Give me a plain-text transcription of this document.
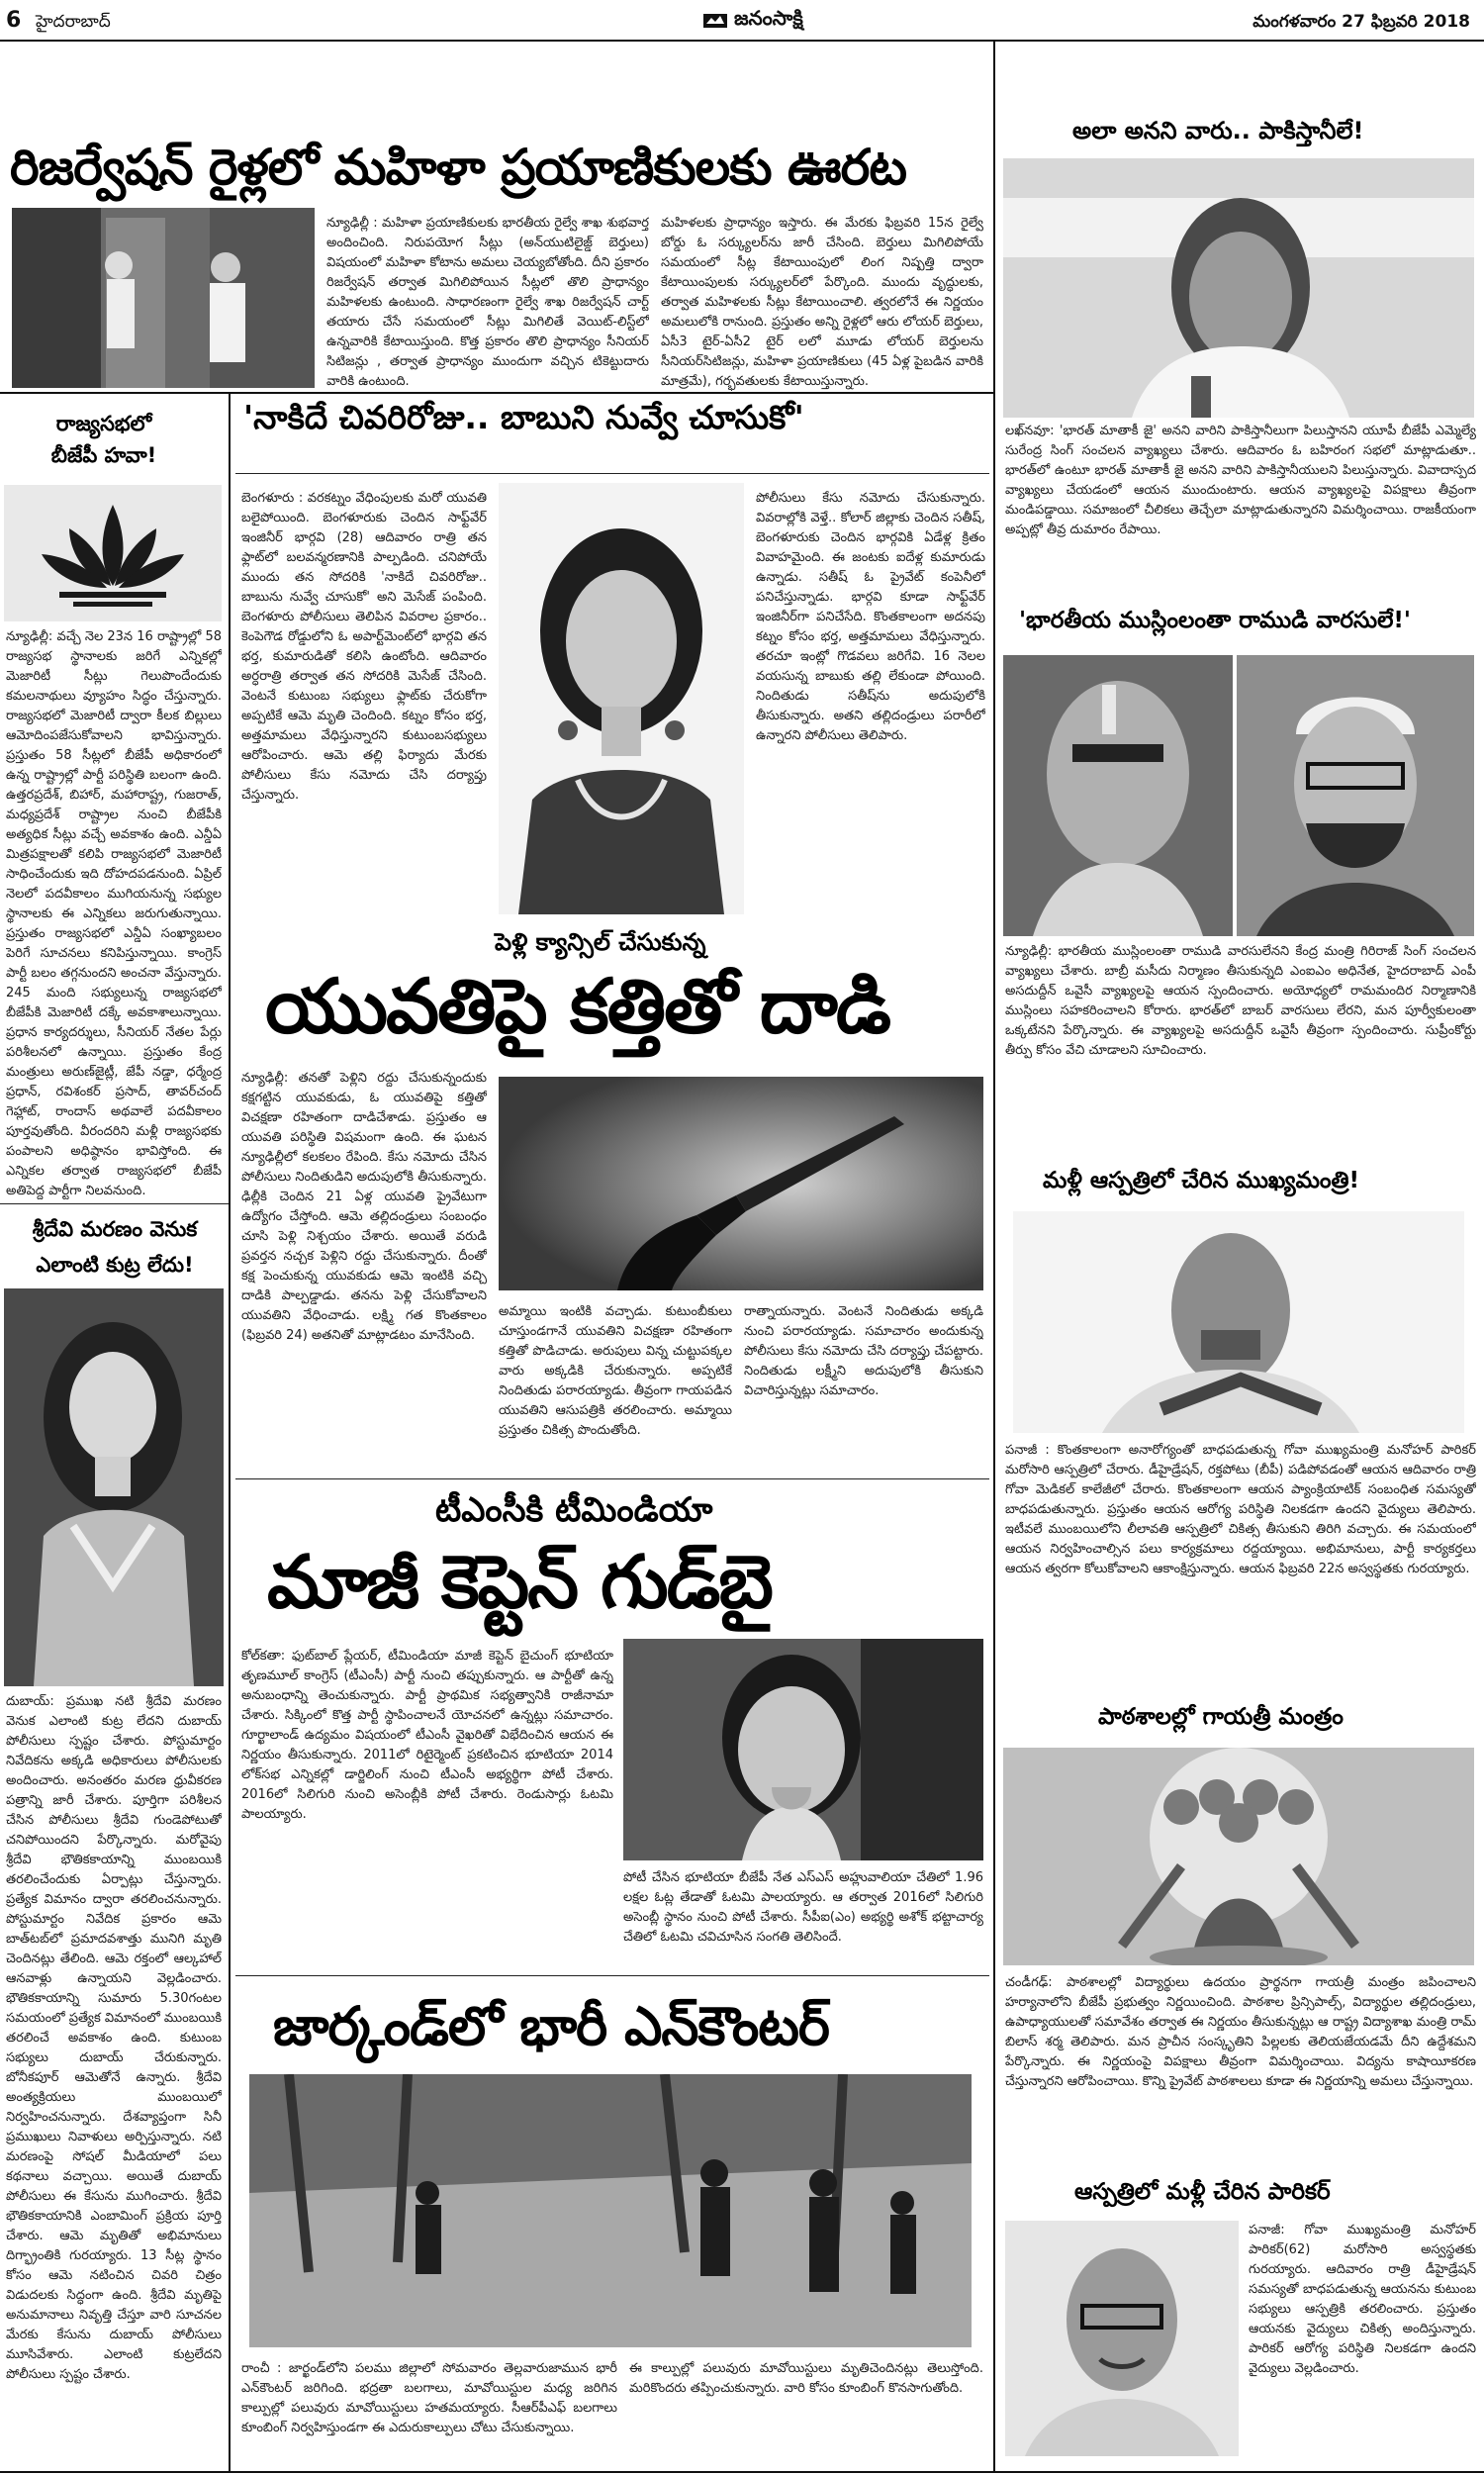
6 హైదరాబాద్	జనంసాక్షి	మంగళవారం 27 ఫిబ్రవరి 2018
రిజర్వేషన్ రైళ్లలో మహిళా ప్రయాణికులకు ఊరట
న్యూఢిల్లీ : మహిళా ప్రయాణికులకు భారతీయ రైల్వే శాఖ శుభవార్త అందించింది. నిరుపయోగ సీట్లు (అన్‌యుటిలైజ్డ్ బెర్తులు) విషయంలో మహిళా కోటాను అమలు చెయ్యబోతోంది. దీని ప్రకారం రిజర్వేషన్ తర్వాత మిగిలిపోయిన సీట్లలో తొలి ప్రాధాన్యం మహిళలకు ఉంటుంది. సాధారణంగా రైల్వే శాఖ రిజర్వేషన్ చార్ట్ తయారు చేసే సమయంలో సీట్లు మిగిలితే వెయిట్-లిస్ట్‌లో ఉన్నవారికి కేటాయిస్తుంది. కొత్త ప్రకారం తొలి ప్రాధాన్యం సీనియర్ సిటిజన్లు , తర్వాత ప్రాధాన్యం ముందుగా వచ్చిన టికెట్టుదారు వారికి ఉంటుంది.
మహిళలకు ప్రాధాన్యం ఇస్తారు. ఈ మేరకు ఫిబ్రవరి 15న రైల్వే బోర్డు ఓ సర్క్యులర్‌ను జారీ చేసింది. బెర్తులు మిగిలిపోయే సమయంలో సీట్ల కేటాయింపులో లింగ నిష్పత్తి ద్వారా కేటాయింపులకు సర్క్యులర్‌లో పేర్కొంది. ముందు వృద్ధులకు, తర్వాత మహిళలకు సీట్లు కేటాయించాలి. త్వరలోనే ఈ నిర్ణయం అమలులోకి రానుంది. ప్రస్తుతం అన్ని రైళ్లలో ఆరు లోయర్ బెర్తులు, ఏసీ3 టైర్-ఏసీ2 టైర్ లలో మూడు లోయర్ బెర్తులను సీనియర్‌సిటిజన్లు, మహిళా ప్రయాణికులు (45 ఏళ్ల పైబడిన వారికి మాత్రమే), గర్భవతులకు కేటాయిస్తున్నారు.
రాజ్యసభలో బీజేపీ హవా!
న్యూఢిల్లీ: వచ్చే నెల 23న 16 రాష్ట్రాల్లో 58 రాజ్యసభ స్థానాలకు జరిగే ఎన్నికల్లో మెజారిటీ సీట్లు గెలుపొందేందుకు కమలనాథులు వ్యూహం సిద్ధం చేస్తున్నారు. రాజ్యసభలో మెజారిటీ ద్వారా కీలక బిల్లులు ఆమోదింపజేసుకోవాలని భావిస్తున్నారు. ప్రస్తుతం 58 సీట్లలో బీజేపీ అధికారంలో ఉన్న రాష్ట్రాల్లో పార్టీ పరిస్థితి బలంగా ఉంది. ఉత్తరప్రదేశ్, బిహార్, మహారాష్ట్ర, గుజరాత్, మధ్యప్రదేశ్ రాష్ట్రాల నుంచి బీజేపీకి అత్యధిక సీట్లు వచ్చే అవకాశం ఉంది. ఎన్డీఏ మిత్రపక్షాలతో కలిపి రాజ్యసభలో మెజారిటీ సాధించేందుకు ఇది దోహదపడనుంది. ఏప్రిల్ నెలలో పదవీకాలం ముగియనున్న సభ్యుల స్థానాలకు ఈ ఎన్నికలు జరుగుతున్నాయి. ప్రస్తుతం రాజ్యసభలో ఎన్డీఏ సంఖ్యాబలం పెరిగే సూచనలు కనిపిస్తున్నాయి. కాంగ్రెస్ పార్టీ బలం తగ్గనుందని అంచనా వేస్తున్నారు. 245 మంది సభ్యులున్న రాజ్యసభలో బీజేపీకి మెజారిటీ దక్కే అవకాశాలున్నాయి. ప్రధాన కార్యదర్శులు, సీనియర్ నేతల పేర్లు పరిశీలనలో ఉన్నాయి. ప్రస్తుతం కేంద్ర మంత్రులు అరుణ్‌జైట్లీ, జేపీ నడ్డా, ధర్మేంద్ర ప్రధాన్, రవిశంకర్ ప్రసాద్, తావర్‌చంద్ గెహ్లాట్, రాందాస్ అథవాలే పదవీకాలం పూర్తవుతోంది. వీరందరిని మళ్లీ రాజ్యసభకు పంపాలని అధిష్ఠానం భావిస్తోంది. ఈ ఎన్నికల తర్వాత రాజ్యసభలో బీజేపీ అతిపెద్ద పార్టీగా నిలవనుంది.
శ్రీదేవి మరణం వెనుక ఎలాంటి కుట్ర లేదు!
దుబాయ్: ప్రముఖ నటి శ్రీదేవి మరణం వెనుక ఎలాంటి కుట్ర లేదని దుబాయ్ పోలీసులు స్పష్టం చేశారు. పోస్టుమార్టం నివేదికను అక్కడి అధికారులు పోలీసులకు అందించారు. అనంతరం మరణ ధ్రువీకరణ పత్రాన్ని జారీ చేశారు. పూర్తిగా పరిశీలన చేసిన పోలీసులు శ్రీదేవి గుండెపోటుతో చనిపోయిందని పేర్కొన్నారు. మరోవైపు శ్రీదేవి భౌతికకాయాన్ని ముంబయికి తరలించేందుకు ఏర్పాట్లు చేస్తున్నారు. ప్రత్యేక విమానం ద్వారా తరలించనున్నారు. పోస్టుమార్టం నివేదిక ప్రకారం ఆమె బాత్‌టబ్‌లో ప్రమాదవశాత్తు మునిగి మృతి చెందినట్లు తేలింది. ఆమె రక్తంలో ఆల్కహాల్ ఆనవాళ్లు ఉన్నాయని వెల్లడించారు. భౌతికకాయాన్ని సుమారు 5.30గంటల సమయంలో ప్రత్యేక విమానంలో ముంబయికి తరలించే అవకాశం ఉంది. కుటుంబ సభ్యులు దుబాయ్ చేరుకున్నారు. బోనీకపూర్ ఆమెతోనే ఉన్నారు. శ్రీదేవి అంత్యక్రియలు ముంబయిలో నిర్వహించనున్నారు. దేశవ్యాప్తంగా సినీ ప్రముఖులు నివాళులు అర్పిస్తున్నారు. నటి మరణంపై సోషల్ మీడియాలో పలు కథనాలు వచ్చాయి. అయితే దుబాయ్ పోలీసులు ఈ కేసును ముగించారు. శ్రీదేవి భౌతికకాయానికి ఎంబామింగ్ ప్రక్రియ పూర్తి చేశారు. ఆమె మృతితో అభిమానులు దిగ్భ్రాంతికి గురయ్యారు. 13 సీట్ల స్థానం కోసం ఆమె నటించిన చివరి చిత్రం విడుదలకు సిద్ధంగా ఉంది. శ్రీదేవి మృతిపై అనుమానాలు నివృత్తి చేస్తూ వారి సూచనల మేరకు కేసును దుబాయ్ పోలీసులు మూసివేశారు. ఎలాంటి కుట్రలేదని పోలీసులు స్పష్టం చేశారు.
'నాకిదే చివరిరోజు.. బాబుని నువ్వే చూసుకో'
బెంగళూరు : వరకట్నం వేధింపులకు మరో యువతి బలైపోయింది. బెంగళూరుకు చెందిన సాఫ్ట్‌వేర్ ఇంజినీర్ భార్గవి (28) ఆదివారం రాత్రి తన ఫ్లాట్‌లో బలవన్మరణానికి పాల్పడింది. చనిపోయే ముందు తన సోదరికి 'నాకిదే చివరిరోజు.. బాబును నువ్వే చూసుకో' అని మెసేజ్ పంపింది. బెంగళూరు పోలీసులు తెలిపిన వివరాల ప్రకారం.. కెంపెగౌడ రోడ్డులోని ఓ అపార్ట్‌మెంట్‌లో భార్గవి తన భర్త, కుమారుడితో కలిసి ఉంటోంది. ఆదివారం అర్ధరాత్రి తర్వాత తన సోదరికి మెసేజ్ చేసింది. వెంటనే కుటుంబ సభ్యులు ఫ్లాట్‌కు చేరుకోగా అప్పటికే ఆమె మృతి చెందింది. కట్నం కోసం భర్త, అత్తమామలు వేధిస్తున్నారని కుటుంబసభ్యులు ఆరోపించారు. ఆమె తల్లి ఫిర్యాదు మేరకు పోలీసులు కేసు నమోదు చేసి దర్యాప్తు చేస్తున్నారు.
పోలీసులు కేసు నమోదు చేసుకున్నారు. వివరాల్లోకి వెళ్తే.. కోలార్ జిల్లాకు చెందిన సతీష్, బెంగళూరుకు చెందిన భార్గవికి ఏడేళ్ల క్రితం వివాహమైంది. ఈ జంటకు ఐదేళ్ల కుమారుడు ఉన్నాడు. సతీష్ ఓ ప్రైవేట్ కంపెనీలో పనిచేస్తున్నాడు. భార్గవి కూడా సాఫ్ట్‌వేర్ ఇంజినీర్‌గా పనిచేసేది. కొంతకాలంగా అదనపు కట్నం కోసం భర్త, అత్తమామలు వేధిస్తున్నారు. తరచూ ఇంట్లో గొడవలు జరిగేవి. 16 నెలల వయసున్న బాబుకు తల్లి లేకుండా పోయింది. నిందితుడు సతీష్‌ను అదుపులోకి తీసుకున్నారు. అతని తల్లిదండ్రులు పరారీలో ఉన్నారని పోలీసులు తెలిపారు.
పెళ్లి క్యాన్సిల్ చేసుకున్న
యువతిపై కత్తితో దాడి
న్యూఢిల్లీ: తనతో పెళ్లిని రద్దు చేసుకున్నందుకు కక్షగట్టిన యువకుడు, ఓ యువతిపై కత్తితో విచక్షణా రహితంగా దాడిచేశాడు. ప్రస్తుతం ఆ యువతి పరిస్థితి విషమంగా ఉంది. ఈ ఘటన న్యూఢిల్లీలో కలకలం రేపింది. కేసు నమోదు చేసిన పోలీసులు నిందితుడిని అదుపులోకి తీసుకున్నారు. ఢిల్లీకి చెందిన 21 ఏళ్ల యువతి ప్రైవేటుగా ఉద్యోగం చేస్తోంది. ఆమె తల్లిదండ్రులు సంబంధం చూసి పెళ్లి నిశ్చయం చేశారు. అయితే వరుడి ప్రవర్తన నచ్చక పెళ్లిని రద్దు చేసుకున్నారు. దీంతో కక్ష పెంచుకున్న యువకుడు ఆమె ఇంటికి వచ్చి దాడికి పాల్పడ్డాడు. తనను పెళ్లి చేసుకోవాలని యువతిని వేధించాడు. లక్ష్మి గత కొంతకాలం (ఫిబ్రవరి 24) అతనితో మాట్లాడటం మానేసింది.
అమ్మాయి ఇంటికి వచ్చాడు. కుటుంబీకులు చూస్తుండగానే యువతిని విచక్షణా రహితంగా కత్తితో పొడిచాడు. అరుపులు విన్న చుట్టుపక్కల వారు అక్కడికి చేరుకున్నారు. అప్పటికే నిందితుడు పరారయ్యాడు. తీవ్రంగా గాయపడిన యువతిని ఆసుపత్రికి తరలించారు. అమ్మాయి ప్రస్తుతం చికిత్స పొందుతోంది.
రాత్నాయన్నారు. వెంటనే నిందితుడు అక్కడి నుంచి పరారయ్యాడు. సమాచారం అందుకున్న పోలీసులు కేసు నమోదు చేసి దర్యాప్తు చేపట్టారు. నిందితుడు లక్ష్మీని అదుపులోకి తీసుకుని విచారిస్తున్నట్లు సమాచారం.
టీఎంసీకి టీమిండియా
మాజీ కెప్టెన్ గుడ్‌బై
కోల్‌కతా: ఫుట్‌బాల్ ప్లేయర్, టీమిండియా మాజీ కెప్టెన్ బైచుంగ్ భూటియా తృణమూల్ కాంగ్రెస్ (టీఎంసీ) పార్టీ నుంచి తప్పుకున్నారు. ఆ పార్టీతో ఉన్న అనుబంధాన్ని తెంచుకున్నారు. పార్టీ ప్రాథమిక సభ్యత్వానికి రాజీనామా చేశారు. సిక్కింలో కొత్త పార్టీ స్థాపించాలనే యోచనలో ఉన్నట్లు సమాచారం. గూర్ఖాలాండ్ ఉద్యమం విషయంలో టీఎంసీ వైఖరితో విభేదించిన ఆయన ఈ నిర్ణయం తీసుకున్నారు. 2011లో రిటైర్మెంట్ ప్రకటించిన భూటియా 2014 లోక్‌సభ ఎన్నికల్లో డార్జిలింగ్ నుంచి టీఎంసీ అభ్యర్థిగా పోటీ చేశారు. 2016లో సిలిగురి నుంచి అసెంబ్లీకి పోటీ చేశారు. రెండుసార్లు ఓటమి పాలయ్యారు.
పోటీ చేసిన భూటియా బీజేపీ నేత ఎస్ఎస్ అహ్లువాలియా చేతిలో 1.96 లక్షల ఓట్ల తేడాతో ఓటమి పాలయ్యారు. ఆ తర్వాత 2016లో సిలిగురి అసెంబ్లీ స్థానం నుంచి పోటీ చేశారు. సీపీఐ(ఎం) అభ్యర్థి అశోక్ భట్టాచార్య చేతిలో ఓటమి చవిచూసిన సంగతి తెలిసిందే.
జార్కండ్‌లో భారీ ఎన్‌కౌంటర్
రాంచీ : జార్ఖండ్‌లోని పలము జిల్లాలో సోమవారం తెల్లవారుజామున భారీ ఎన్‌కౌంటర్ జరిగింది. భద్రతా బలగాలు, మావోయిస్టుల మధ్య జరిగిన కాల్పుల్లో పలువురు మావోయిస్టులు హతమయ్యారు. సీఆర్‌పీఎఫ్ బలగాలు కూంబింగ్ నిర్వహిస్తుండగా ఈ ఎదురుకాల్పులు చోటు చేసుకున్నాయి.
ఈ కాల్పుల్లో పలువురు మావోయిస్టులు మృతిచెందినట్లు తెలుస్తోంది. మరికొందరు తప్పించుకున్నారు. వారి కోసం కూంబింగ్ కొనసాగుతోంది.
అలా అనని వారు.. పాకిస్తానీలే!
లఖ్‌నవూ: 'భారత్ మాతాకీ జై' అనని వారిని పాకిస్తానీలుగా పిలుస్తానని యూపీ బీజేపీ ఎమ్మెల్యే సురేంద్ర సింగ్ సంచలన వ్యాఖ్యలు చేశారు. ఆదివారం ఓ బహిరంగ సభలో మాట్లాడుతూ.. భారత్‌లో ఉంటూ భారత్ మాతాకీ జై అనని వారిని పాకిస్తానీయులని పిలుస్తున్నారు. వివాదాస్పద వ్యాఖ్యలు చేయడంలో ఆయన ముందుంటారు. ఆయన వ్యాఖ్యలపై విపక్షాలు తీవ్రంగా మండిపడ్డాయి. సమాజంలో చీలికలు తెచ్చేలా మాట్లాడుతున్నారని విమర్శించాయి. రాజకీయంగా అప్పట్లో తీవ్ర దుమారం రేపాయి.
'భారతీయ ముస్లింలంతా రాముడి వారసులే!'
న్యూఢిల్లీ: భారతీయ ముస్లింలంతా రాముడి వారసులేనని కేంద్ర మంత్రి గిరిరాజ్ సింగ్ సంచలన వ్యాఖ్యలు చేశారు. బాబ్రీ మసీదు నిర్మాణం తీసుకున్నది ఎంఐఎం అధినేత, హైదరాబాద్ ఎంపీ అసదుద్దీన్ ఒవైసీ వ్యాఖ్యలపై ఆయన స్పందించారు. అయోధ్యలో రామమందిర నిర్మాణానికి ముస్లింలు సహకరించాలని కోరారు. భారత్‌లో బాబర్ వారసులు లేరని, మన పూర్వీకులంతా ఒక్కటేనని పేర్కొన్నారు. ఈ వ్యాఖ్యలపై అసదుద్దీన్ ఒవైసీ తీవ్రంగా స్పందించారు. సుప్రీంకోర్టు తీర్పు కోసం వేచి చూడాలని సూచించారు.
మళ్లీ ఆస్పత్రిలో చేరిన ముఖ్యమంత్రి!
పనాజీ : కొంతకాలంగా అనారోగ్యంతో బాధపడుతున్న గోవా ముఖ్యమంత్రి మనోహర్ పారికర్ మరోసారి ఆస్పత్రిలో చేరారు. డీహైడ్రేషన్, రక్తపోటు (బీపీ) పడిపోవడంతో ఆయన ఆదివారం రాత్రి గోవా మెడికల్ కాలేజీలో చేరారు. కొంతకాలంగా ఆయన ప్యాంక్రియాటిక్ సంబంధిత సమస్యతో బాధపడుతున్నారు. ప్రస్తుతం ఆయన ఆరోగ్య పరిస్థితి నిలకడగా ఉందని వైద్యులు తెలిపారు. ఇటీవలే ముంబయిలోని లీలావతి ఆస్పత్రిలో చికిత్స తీసుకుని తిరిగి వచ్చారు. ఈ సమయంలో ఆయన నిర్వహించాల్సిన పలు కార్యక్రమాలు రద్దయ్యాయి. అభిమానులు, పార్టీ కార్యకర్తలు ఆయన త్వరగా కోలుకోవాలని ఆకాంక్షిస్తున్నారు. ఆయన ఫిబ్రవరి 22న అస్వస్థతకు గురయ్యారు.
పాఠశాలల్లో గాయత్రీ మంత్రం
చండీగఢ్: పాఠశాలల్లో విద్యార్థులు ఉదయం ప్రార్థనగా గాయత్రీ మంత్రం జపించాలని హర్యానాలోని బీజేపీ ప్రభుత్వం నిర్ణయించింది. పాఠశాల ప్రిన్సిపాల్స్, విద్యార్థుల తల్లిదండ్రులు, ఉపాధ్యాయులతో సమావేశం తర్వాత ఈ నిర్ణయం తీసుకున్నట్లు ఆ రాష్ట్ర విద్యాశాఖ మంత్రి రామ్ బిలాస్ శర్మ తెలిపారు. మన ప్రాచీన సంస్కృతిని పిల్లలకు తెలియజేయడమే దీని ఉద్దేశమని పేర్కొన్నారు. ఈ నిర్ణయంపై విపక్షాలు తీవ్రంగా విమర్శించాయి. విద్యను కాషాయీకరణ చేస్తున్నారని ఆరోపించాయి. కొన్ని ప్రైవేట్ పాఠశాలలు కూడా ఈ నిర్ణయాన్ని అమలు చేస్తున్నాయి.
ఆస్పత్రిలో మళ్లీ చేరిన పారికర్
పనాజీ: గోవా ముఖ్యమంత్రి మనోహర్ పారికర్(62) మరోసారి అస్వస్థతకు గురయ్యారు. ఆదివారం రాత్రి డీహైడ్రేషన్ సమస్యతో బాధపడుతున్న ఆయనను కుటుంబ సభ్యులు ఆస్పత్రికి తరలించారు. ప్రస్తుతం ఆయనకు వైద్యులు చికిత్స అందిస్తున్నారు. పారికర్ ఆరోగ్య పరిస్థితి నిలకడగా ఉందని వైద్యులు వెల్లడించారు.
